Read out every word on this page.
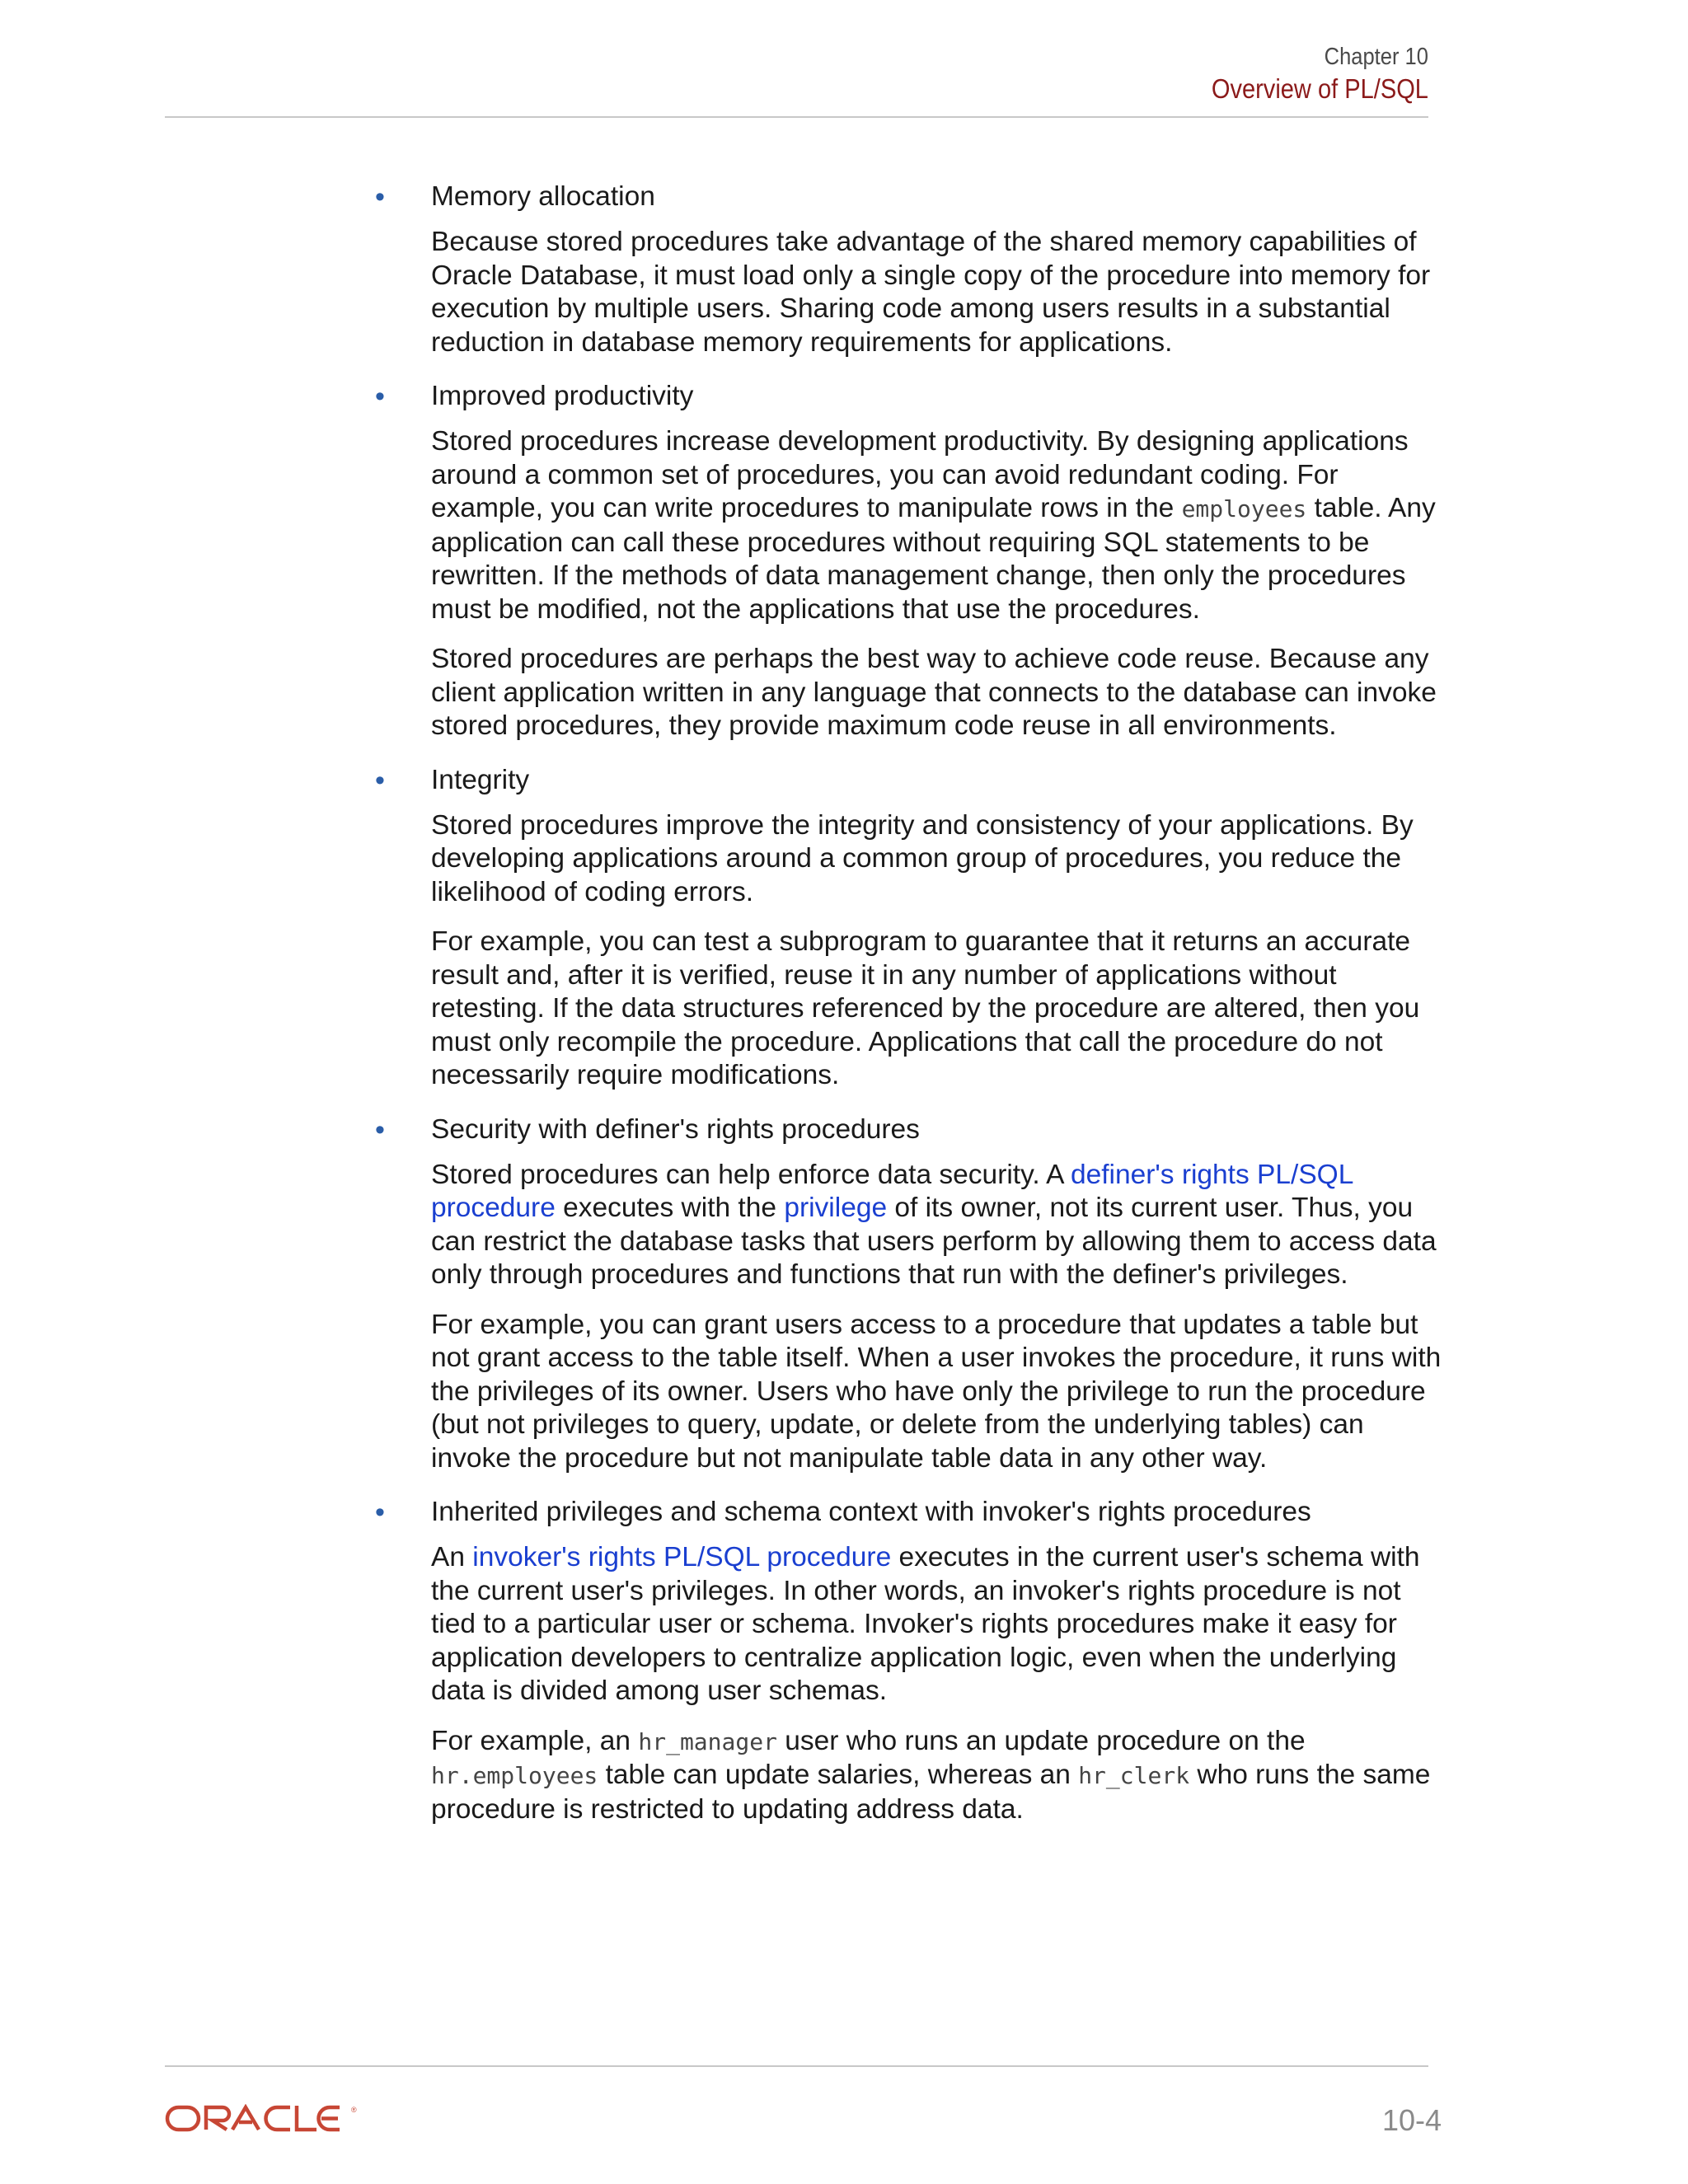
Chapter 10
Overview of PL/SQL
• Memory allocation

Because stored procedures take advantage of the shared memory capabilities of
Oracle Database, it must load only a single copy of the procedure into memory for
execution by multiple users. Sharing code among users results in a substantial
reduction in database memory requirements for applications.

• Improved productivity

Stored procedures increase development productivity. By designing applications
around a common set of procedures, you can avoid redundant coding. For
example, you can write procedures to manipulate rows in the employees table. Any
application can call these procedures without requiring SQL statements to be
rewritten. If the methods of data management change, then only the procedures
must be modified, not the applications that use the procedures.

Stored procedures are perhaps the best way to achieve code reuse. Because any
client application written in any language that connects to the database can invoke
stored procedures, they provide maximum code reuse in all environments.

• Integrity

Stored procedures improve the integrity and consistency of your applications. By
developing applications around a common group of procedures, you reduce the
likelihood of coding errors.

For example, you can test a subprogram to guarantee that it returns an accurate
result and, after it is verified, reuse it in any number of applications without
retesting. If the data structures referenced by the procedure are altered, then you
must only recompile the procedure. Applications that call the procedure do not
necessarily require modifications.

• Security with definer's rights procedures

Stored procedures can help enforce data security. A definer's rights PL/SQL
procedure executes with the privilege of its owner, not its current user. Thus, you
can restrict the database tasks that users perform by allowing them to access data
only through procedures and functions that run with the definer's privileges.

For example, you can grant users access to a procedure that updates a table but
not grant access to the table itself. When a user invokes the procedure, it runs with
the privileges of its owner. Users who have only the privilege to run the procedure
(but not privileges to query, update, or delete from the underlying tables) can
invoke the procedure but not manipulate table data in any other way.

• Inherited privileges and schema context with invoker's rights procedures

An invoker's rights PL/SQL procedure executes in the current user's schema with
the current user's privileges. In other words, an invoker's rights procedure is not
tied to a particular user or schema. Invoker's rights procedures make it easy for
application developers to centralize application logic, even when the underlying
data is divided among user schemas.

For example, an hr_manager user who runs an update procedure on the
hr.employees table can update salaries, whereas an hr_clerk who runs the same
procedure is restricted to updating address data.

®	10-4
